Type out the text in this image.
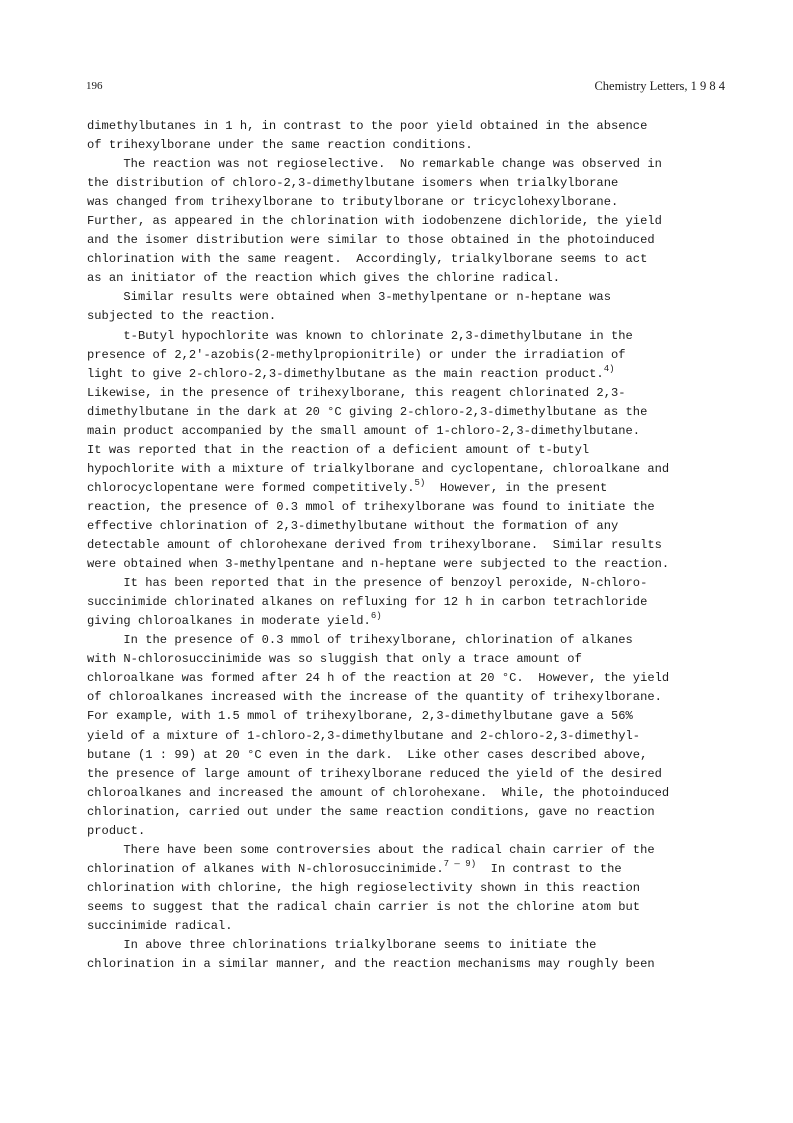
196	Chemistry Letters, 1 9 8 4
dimethylbutanes in 1 h, in contrast to the poor yield obtained in the absence
of trihexylborane under the same reaction conditions.
The reaction was not regioselective.  No remarkable change was observed in
the distribution of chloro-2,3-dimethylbutane isomers when trialkylborane
was changed from trihexylborane to tributylborane or tricyclohexylborane.
Further, as appeared in the chlorination with iodobenzene dichloride, the yield
and the isomer distribution were similar to those obtained in the photoinduced
chlorination with the same reagent.  Accordingly, trialkylborane seems to act
as an initiator of the reaction which gives the chlorine radical.
Similar results were obtained when 3-methylpentane or n-heptane was
subjected to the reaction.
t-Butyl hypochlorite was known to chlorinate 2,3-dimethylbutane in the
presence of 2,2'-azobis(2-methylpropionitrile) or under the irradiation of
light to give 2-chloro-2,3-dimethylbutane as the main reaction product.$^{4)}$
Likewise, in the presence of trihexylborane, this reagent chlorinated 2,3-
dimethylbutane in the dark at 20 °C giving 2-chloro-2,3-dimethylbutane as the
main product accompanied by the small amount of 1-chloro-2,3-dimethylbutane.
It was reported that in the reaction of a deficient amount of t-butyl
hypochlorite with a mixture of trialkylborane and cyclopentane, chloroalkane and
chlorocyclopentane were formed competitively.$^{5)}$  However, in the present
reaction, the presence of 0.3 mmol of trihexylborane was found to initiate the
effective chlorination of 2,3-dimethylbutane without the formation of any
detectable amount of chlorohexane derived from trihexylborane.  Similar results
were obtained when 3-methylpentane and n-heptane were subjected to the reaction.
It has been reported that in the presence of benzoyl peroxide, N-chloro-
succinimide chlorinated alkanes on refluxing for 12 h in carbon tetrachloride
giving chloroalkanes in moderate yield.$^{6)}$
In the presence of 0.3 mmol of trihexylborane, chlorination of alkanes
with N-chlorosuccinimide was so sluggish that only a trace amount of
chloroalkane was formed after 24 h of the reaction at 20 °C.  However, the yield
of chloroalkanes increased with the increase of the quantity of trihexylborane.
For example, with 1.5 mmol of trihexylborane, 2,3-dimethylbutane gave a 56%
yield of a mixture of 1-chloro-2,3-dimethylbutane and 2-chloro-2,3-dimethyl-
butane (1 : 99) at 20 °C even in the dark.  Like other cases described above,
the presence of large amount of trihexylborane reduced the yield of the desired
chloroalkanes and increased the amount of chlorohexane.  While, the photoinduced
chlorination, carried out under the same reaction conditions, gave no reaction
product.
There have been some controversies about the radical chain carrier of the
chlorination of alkanes with N-chlorosuccinimide.$^{7 — 9)}$  In contrast to the
chlorination with chlorine, the high regioselectivity shown in this reaction
seems to suggest that the radical chain carrier is not the chlorine atom but
succinimide radical.
In above three chlorinations trialkylborane seems to initiate the
chlorination in a similar manner, and the reaction mechanisms may roughly been
